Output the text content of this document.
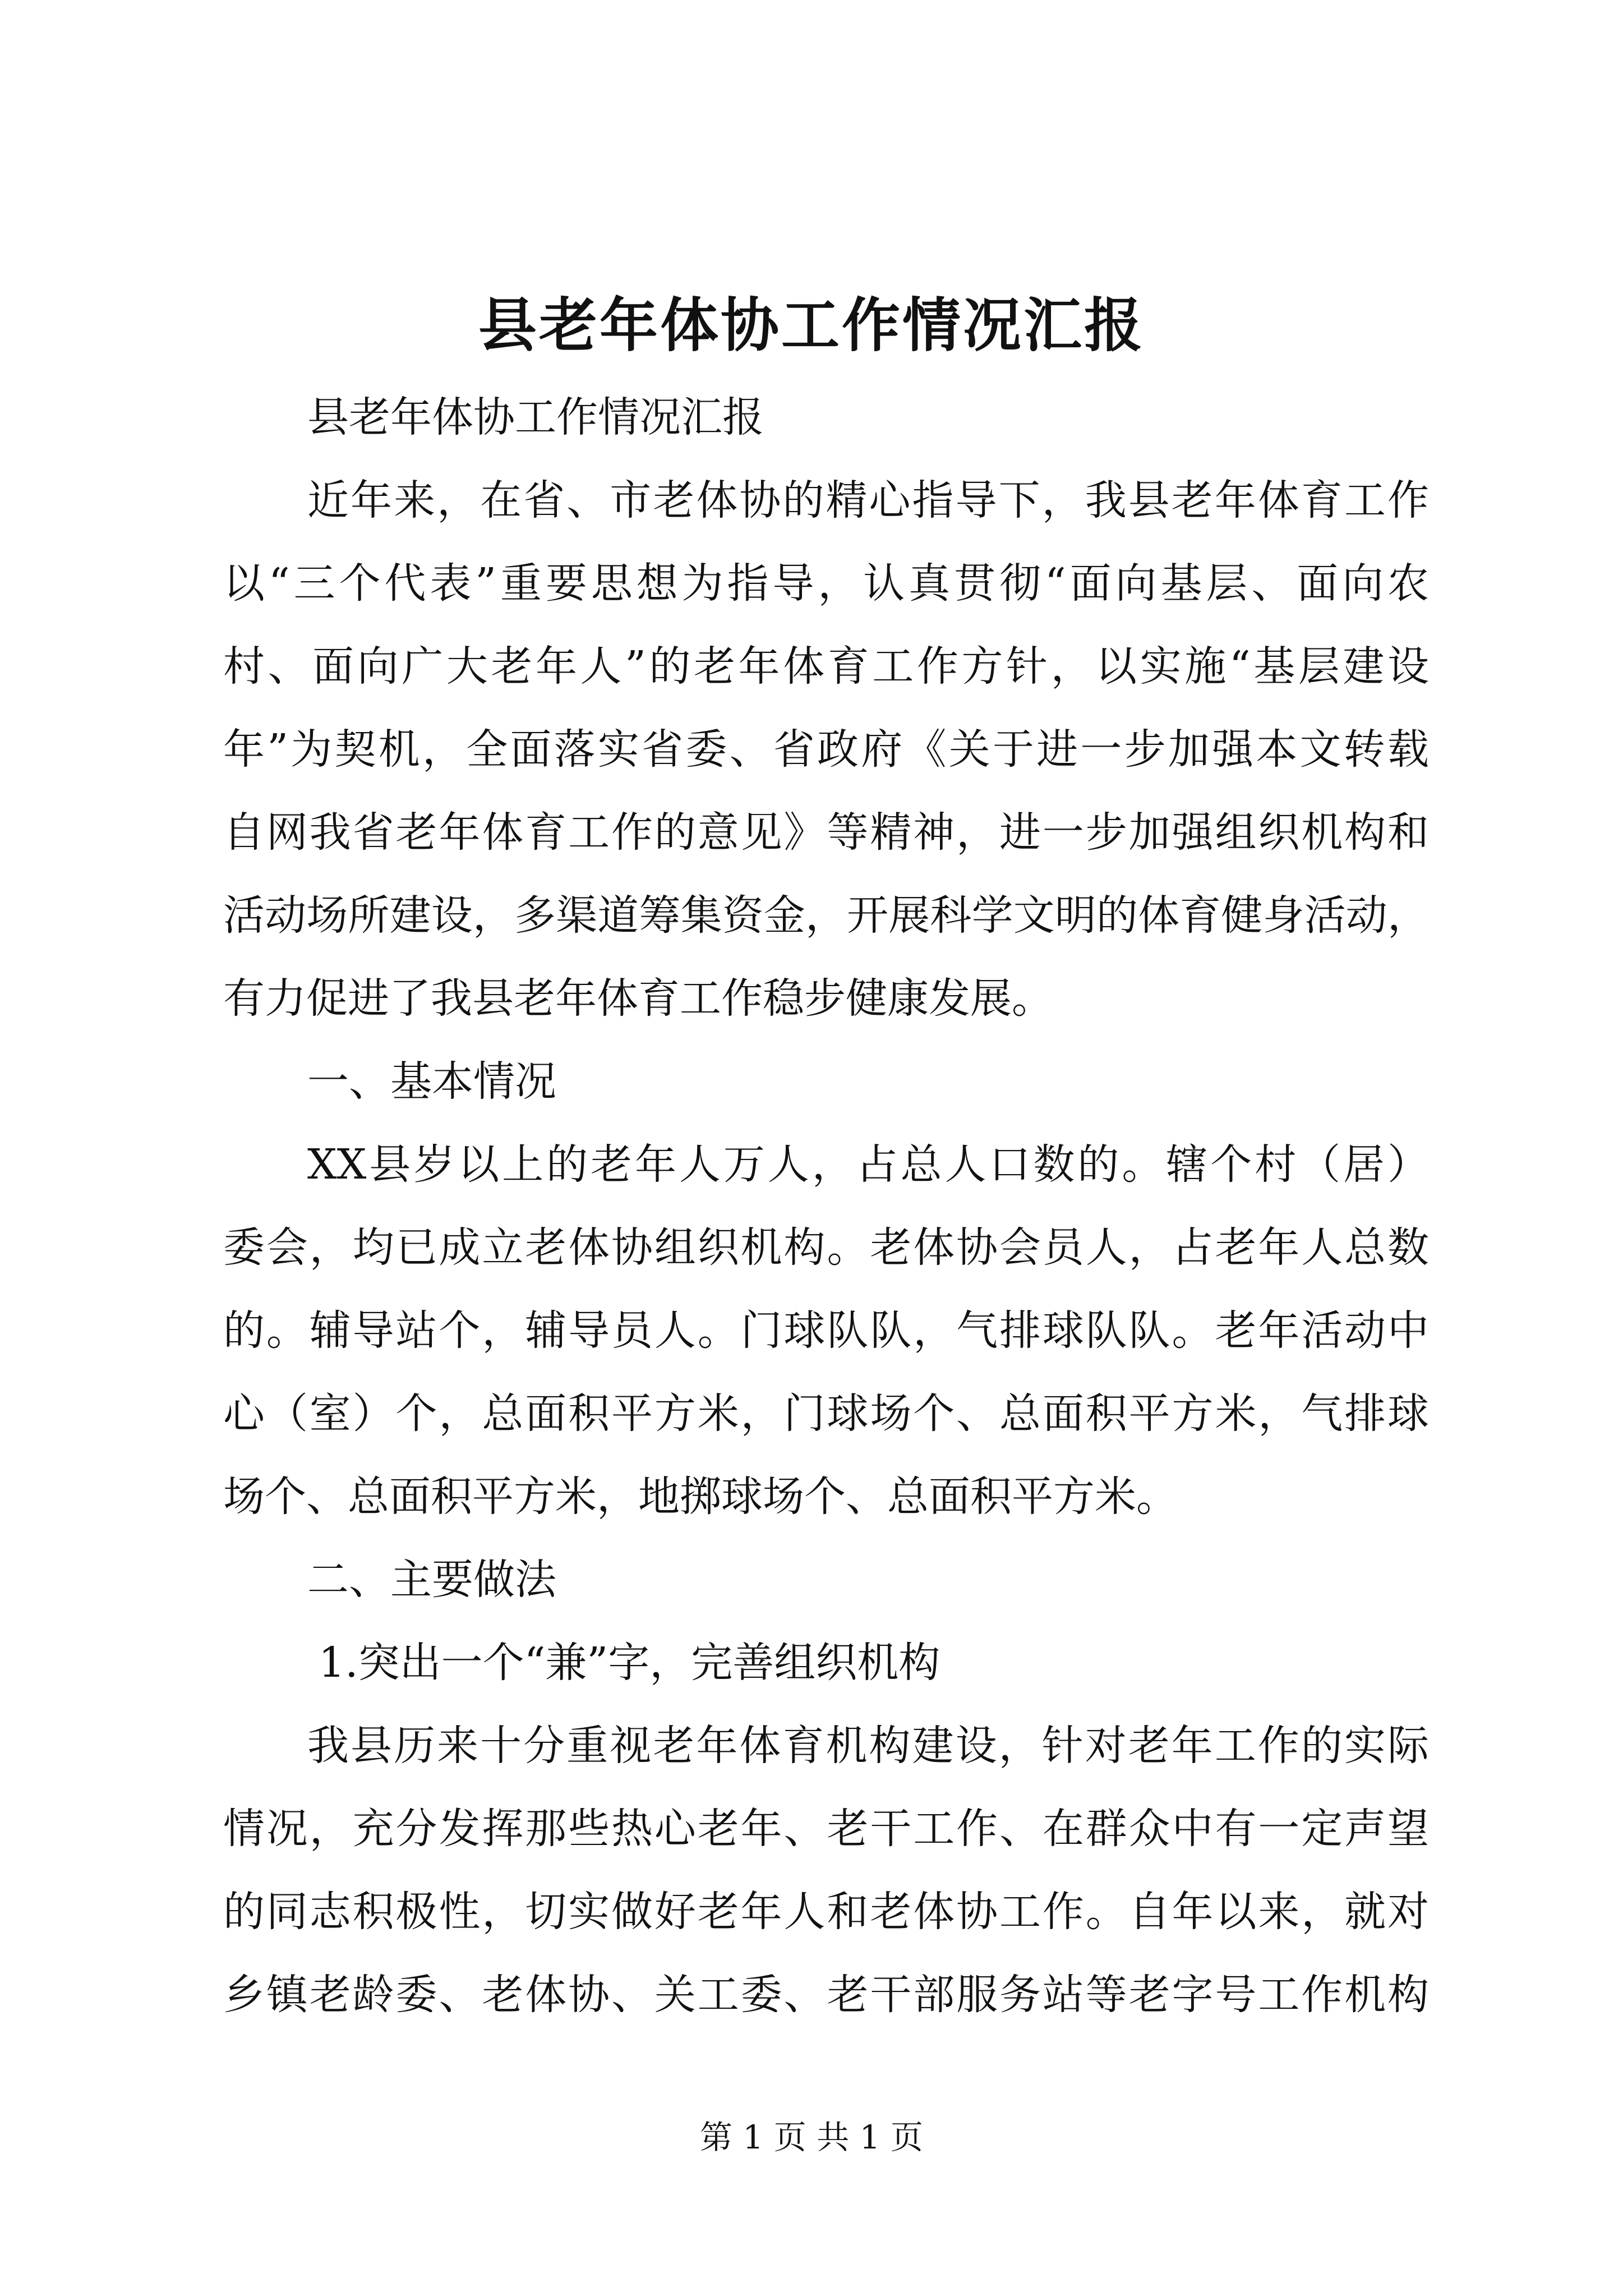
县老年体协工作情况汇报
县老年体协工作情况汇报
近年来，在省、市老体协的精心指导下，我县老年体育工作
以“三个代表”重要思想为指导，认真贯彻“面向基层、面向农
村、面向广大老年人”的老年体育工作方针，以实施“基层建设
年”为契机，全面落实省委、省政府《关于进一步加强本文转载
自网我省老年体育工作的意见》等精神，进一步加强组织机构和
活动场所建设，多渠道筹集资金，开展科学文明的体育健身活动，
有力促进了我县老年体育工作稳步健康发展。
一、基本情况
XX县岁以上的老年人万人，占总人口数的。辖个村（居）
委会，均已成立老体协组织机构。老体协会员人，占老年人总数
的。辅导站个，辅导员人。门球队队，气排球队队。老年活动中
心（室）个，总面积平方米，门球场个、总面积平方米，气排球
场个、总面积平方米，地掷球场个、总面积平方米。
二、主要做法
1.突出一个“兼”字，完善组织机构
我县历来十分重视老年体育机构建设，针对老年工作的实际
情况，充分发挥那些热心老年、老干工作、在群众中有一定声望
的同志积极性，切实做好老年人和老体协工作。自年以来，就对
乡镇老龄委、老体协、关工委、老干部服务站等老字号工作机构
第 1 页 共 1 页
